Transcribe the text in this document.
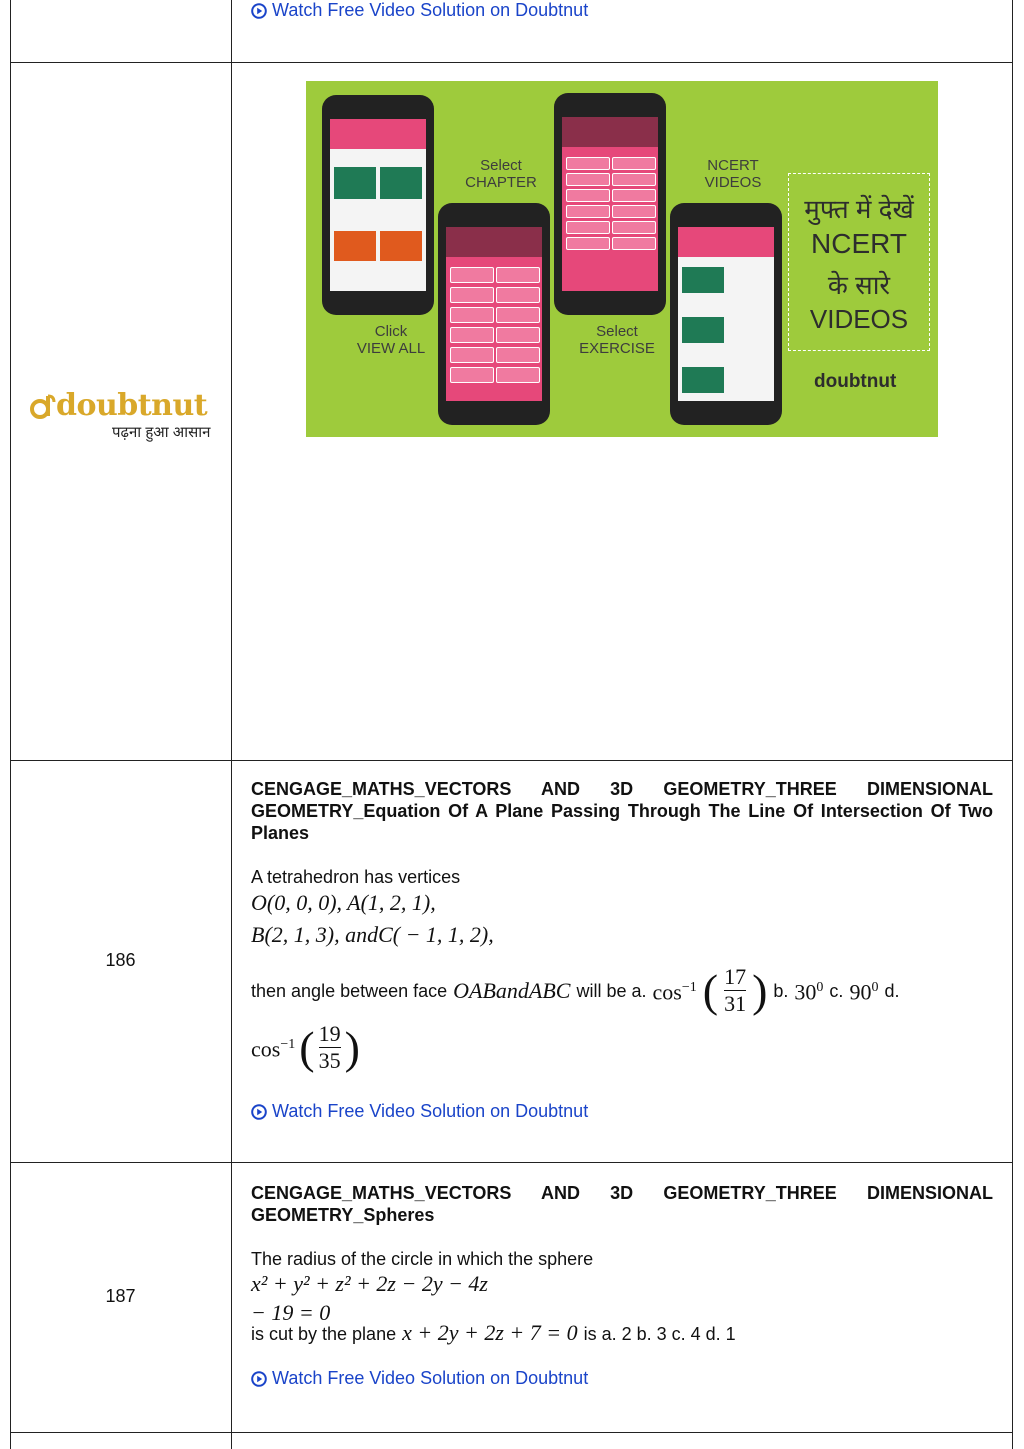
Watch Free Video Solution on Doubtnut
doubtnut
पढ़ना हुआ आसान
Click
VIEW ALL
Select
CHAPTER
Select
EXERCISE
NCERT
VIDEOS
मुफ्त में देखें
NCERT
के सारे
VIDEOS
doubtnut
186
CENGAGE_MATHS_VECTORS AND 3D GEOMETRY_THREE DIMENSIONAL GEOMETRY_Equation Of A Plane Passing Through The Line Of Intersection Of Two Planes
A tetrahedron has vertices
O(0, 0, 0), A(1, 2, 1),
B(2, 1, 3), andC( − 1, 1, 2),
then angle between face OABandABC will be a. $\cos^{-1}$ ( $\frac{17}{31}$ ) b. $30^0$ c. $90^0$ d.
$\cos^{-1}$ ( $\frac{19}{35}$ )
Watch Free Video Solution on Doubtnut
187
CENGAGE_MATHS_VECTORS AND 3D GEOMETRY_THREE DIMENSIONAL GEOMETRY_Spheres
The radius of the circle in which the sphere
x² + y² + z² + 2z − 2y − 4z
− 19 = 0
is cut by the plane x + 2y + 2z + 7 = 0 is a. 2 b. 3 c. 4 d. 1
Watch Free Video Solution on Doubtnut
